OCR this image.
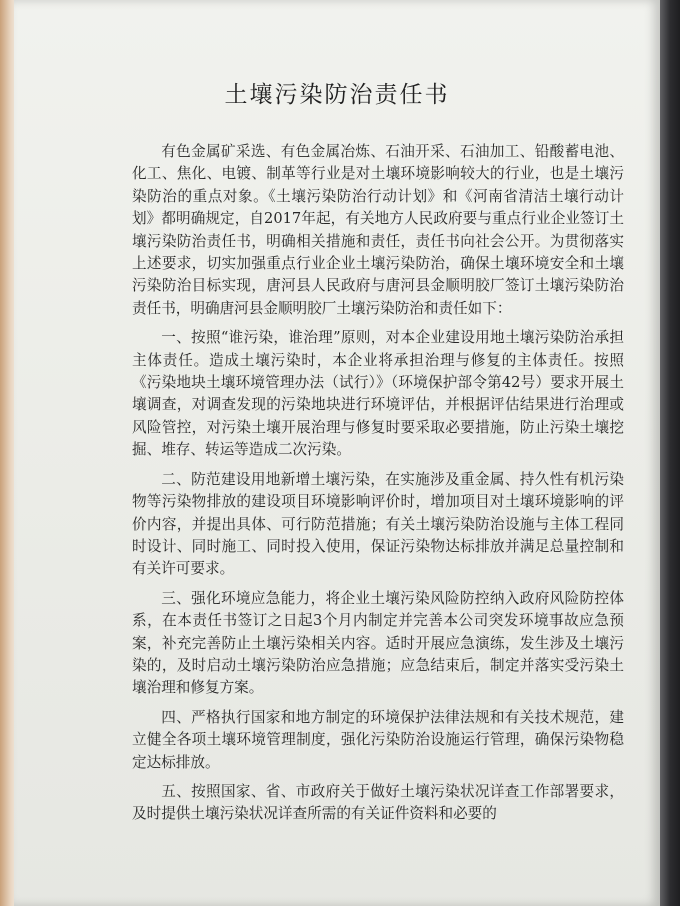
土壤污染防治责任书

有色金属矿采选、有色金属冶炼、石油开采、石油加工、铅酸蓄电池、化工、焦化、电镀、制革等行业是对土壤环境影响较大的行业，也是土壤污染防治的重点对象。《土壤污染防治行动计划》和《河南省清洁土壤行动计划》都明确规定，自2017年起，有关地方人民政府要与重点行业企业签订土壤污染防治责任书，明确相关措施和责任，责任书向社会公开。为贯彻落实上述要求，切实加强重点行业企业土壤污染防治，确保土壤环境安全和土壤污染防治目标实现，唐河县人民政府与唐河县金顺明胶厂签订土壤污染防治责任书，明确唐河县金顺明胶厂土壤污染防治和责任如下：

一、按照“谁污染，谁治理”原则，对本企业建设用地土壤污染防治承担主体责任。造成土壤污染时，本企业将承担治理与修复的主体责任。按照《污染地块土壤环境管理办法（试行）》（环境保护部令第42号）要求开展土壤调查，对调查发现的污染地块进行环境评估，并根据评估结果进行治理或风险管控，对污染土壤开展治理与修复时要采取必要措施，防止污染土壤挖掘、堆存、转运等造成二次污染。

二、防范建设用地新增土壤污染，在实施涉及重金属、持久性有机污染物等污染物排放的建设项目环境影响评价时，增加项目对土壤环境影响的评价内容，并提出具体、可行防范措施；有关土壤污染防治设施与主体工程同时设计、同时施工、同时投入使用，保证污染物达标排放并满足总量控制和有关许可要求。

三、强化环境应急能力，将企业土壤污染风险防控纳入政府风险防控体系，在本责任书签订之日起3个月内制定并完善本公司突发环境事故应急预案，补充完善防止土壤污染相关内容。适时开展应急演练，发生涉及土壤污染的，及时启动土壤污染防治应急措施；应急结束后，制定并落实受污染土壤治理和修复方案。

四、严格执行国家和地方制定的环境保护法律法规和有关技术规范，建立健全各项土壤环境管理制度，强化污染防治设施运行管理，确保污染物稳定达标排放。

五、按照国家、省、市政府关于做好土壤污染状况详查工作部署要求，及时提供土壤污染状况详查所需的有关证件资料和必要的
